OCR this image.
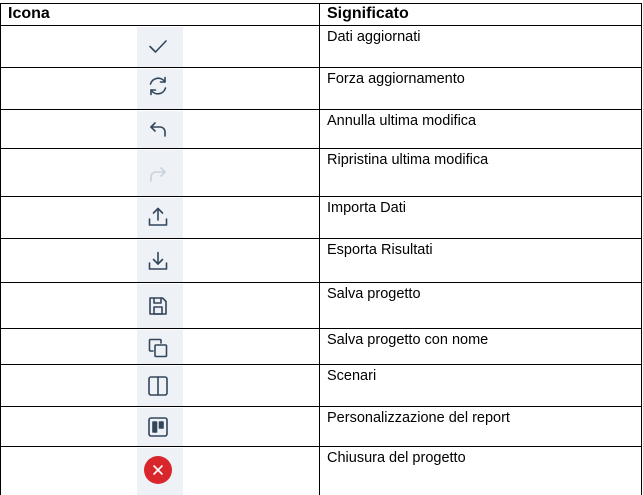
Icona	Significato
Dati aggiornati
Forza aggiornamento
Annulla ultima modifica
Ripristina ultima modifica
Importa Dati
Esporta Risultati
Salva progetto
Salva progetto con nome
Scenari
Personalizzazione del report
Chiusura del progetto
